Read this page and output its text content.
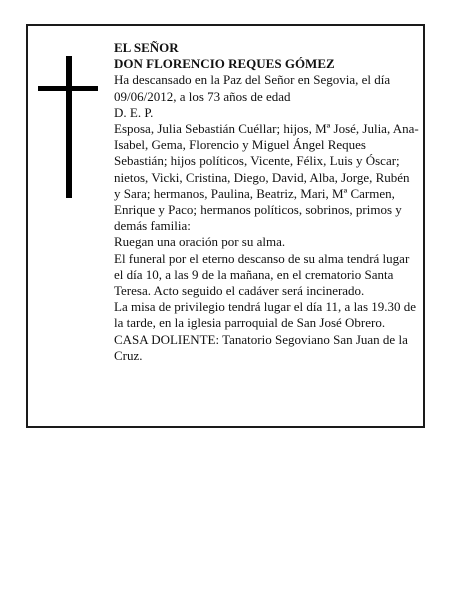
EL SEÑOR

DON FLORENCIO REQUES GÓMEZ

Ha descansado en la Paz del Señor en Segovia, el día 09/06/2012, a los 73 años de edad

D. E. P.

Esposa, Julia Sebastián Cuéllar; hijos, Mª José, Julia, Ana-Isabel, Gema, Florencio y Miguel Ángel Reques Sebastián; hijos políticos, Vicente, Félix, Luis y Óscar; nietos, Vicki, Cristina, Diego, David, Alba, Jorge, Rubén y Sara; hermanos, Paulina, Beatriz, Mari, Mª Carmen, Enrique y Paco; hermanos políticos, sobrinos, primos y demás familia:

Ruegan una oración por su alma.

El funeral por el eterno descanso de su alma tendrá lugar el día 10, a las 9 de la mañana, en el crematorio Santa Teresa. Acto seguido el cadáver será incinerado.

La misa de privilegio tendrá lugar el día 11, a las 19.30 de la tarde, en la iglesia parroquial de San José Obrero.

CASA DOLIENTE: Tanatorio Segoviano San Juan de la Cruz.
